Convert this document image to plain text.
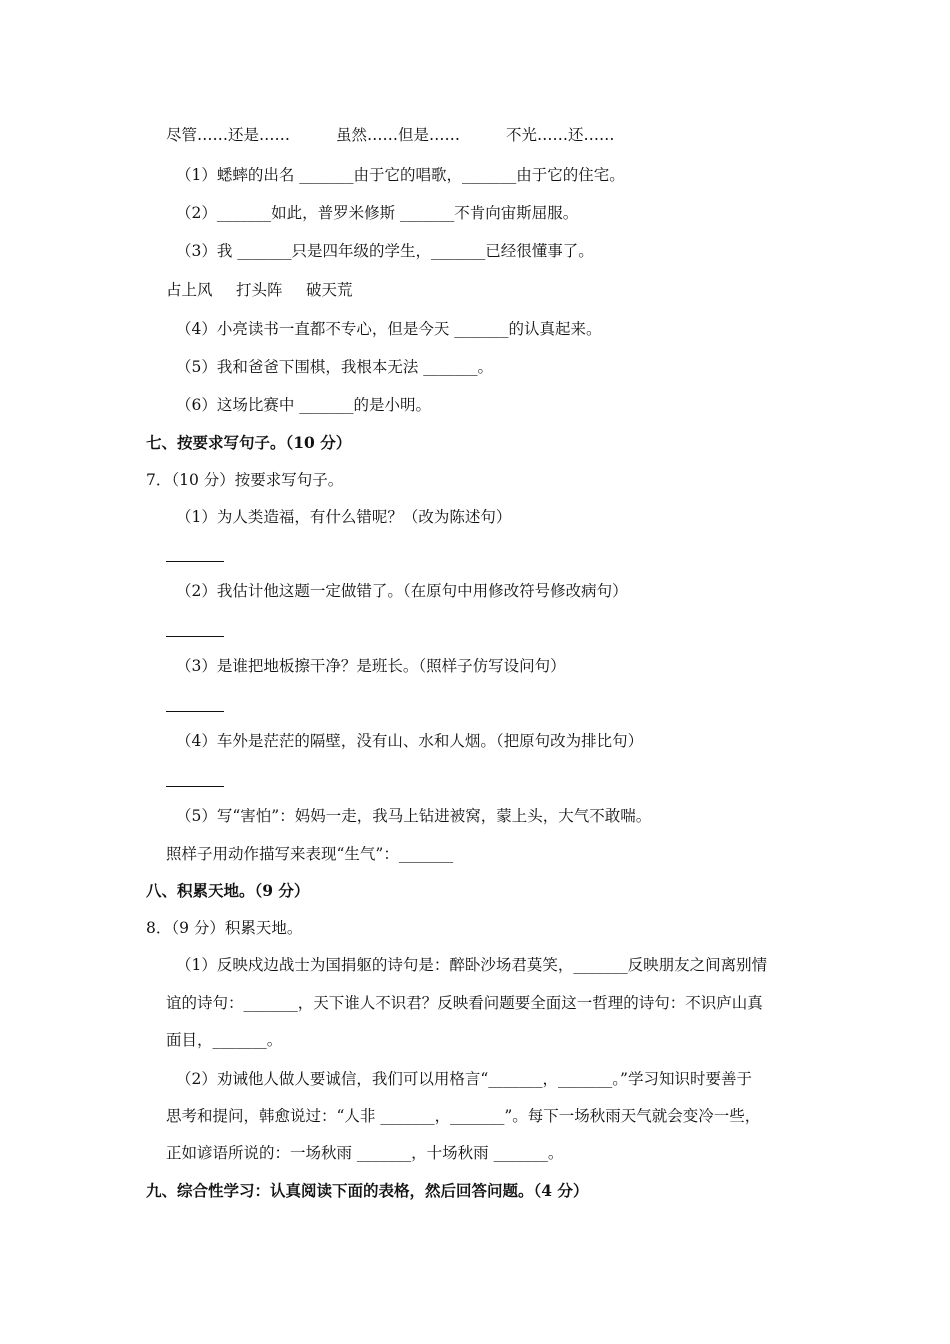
尽管……还是……	虽然……但是……	不光……还……
（1）蟋蟀的出名 _______由于它的唱歌，_______由于它的住宅。
（2）_______如此，普罗米修斯 _______不肯向宙斯屈服。
（3）我 _______只是四年级的学生，_______已经很懂事了。
占上风 打头阵 破天荒
（4）小亮读书一直都不专心，但是今天 _______的认真起来。
（5）我和爸爸下围棋，我根本无法 _______。
（6）这场比赛中 _______的是小明。
七、按要求写句子。（10 分）
7．（10 分）按要求写句子。
（1）为人类造福，有什么错呢？（改为陈述句）
（2）我估计他这题一定做错了。（在原句中用修改符号修改病句）
（3）是谁把地板擦干净？是班长。（照样子仿写设问句）
（4）车外是茫茫的隔壁，没有山、水和人烟。（把原句改为排比句）
（5）写“害怕”：妈妈一走，我马上钻进被窝，蒙上头，大气不敢喘。
照样子用动作描写来表现“生气”：_______
八、积累天地。（9 分）
8．（9 分）积累天地。
（1）反映戍边战士为国捐躯的诗句是：醉卧沙场君莫笑，_______反映朋友之间离别情
谊的诗句：_______，天下谁人不识君？反映看问题要全面这一哲理的诗句：不识庐山真
面目，_______。
（2）劝诫他人做人要诚信，我们可以用格言“_______，_______。”学习知识时要善于
思考和提问，韩愈说过：“人非 _______，_______”。每下一场秋雨天气就会变冷一些，
正如谚语所说的：一场秋雨 _______，十场秋雨 _______。
九、综合性学习：认真阅读下面的表格，然后回答问题。（4 分）
